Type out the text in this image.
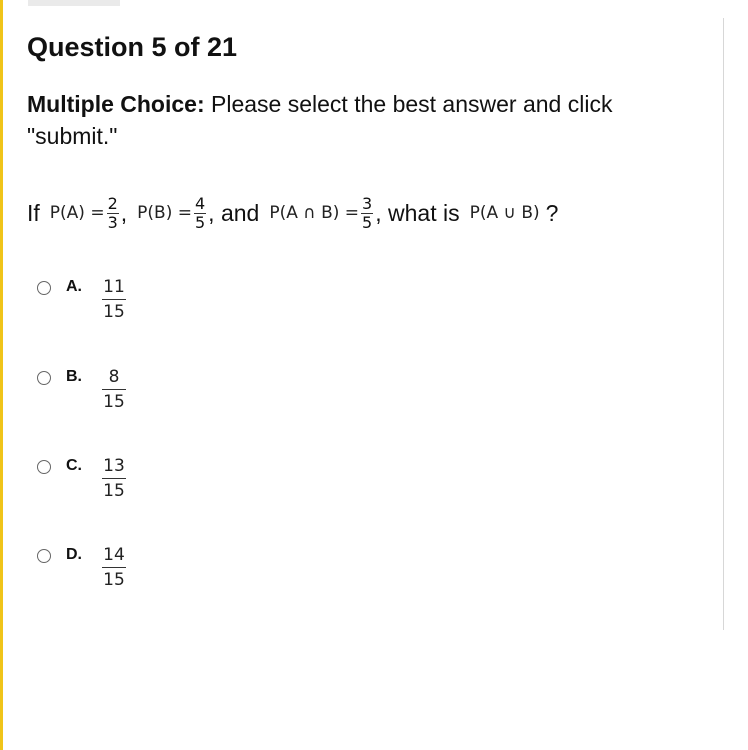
Question 5 of 21
Multiple Choice: Please select the best answer and click "submit."
If $P(A) = \frac{2}{3}$ , $P(B) = \frac{4}{5}$ , and P(A ∩ $B) = \frac{3}{5}$ , what is P(A ∪ B) ?
A. 11
15
B. 8
15
C. 13
15
D. 14
15
